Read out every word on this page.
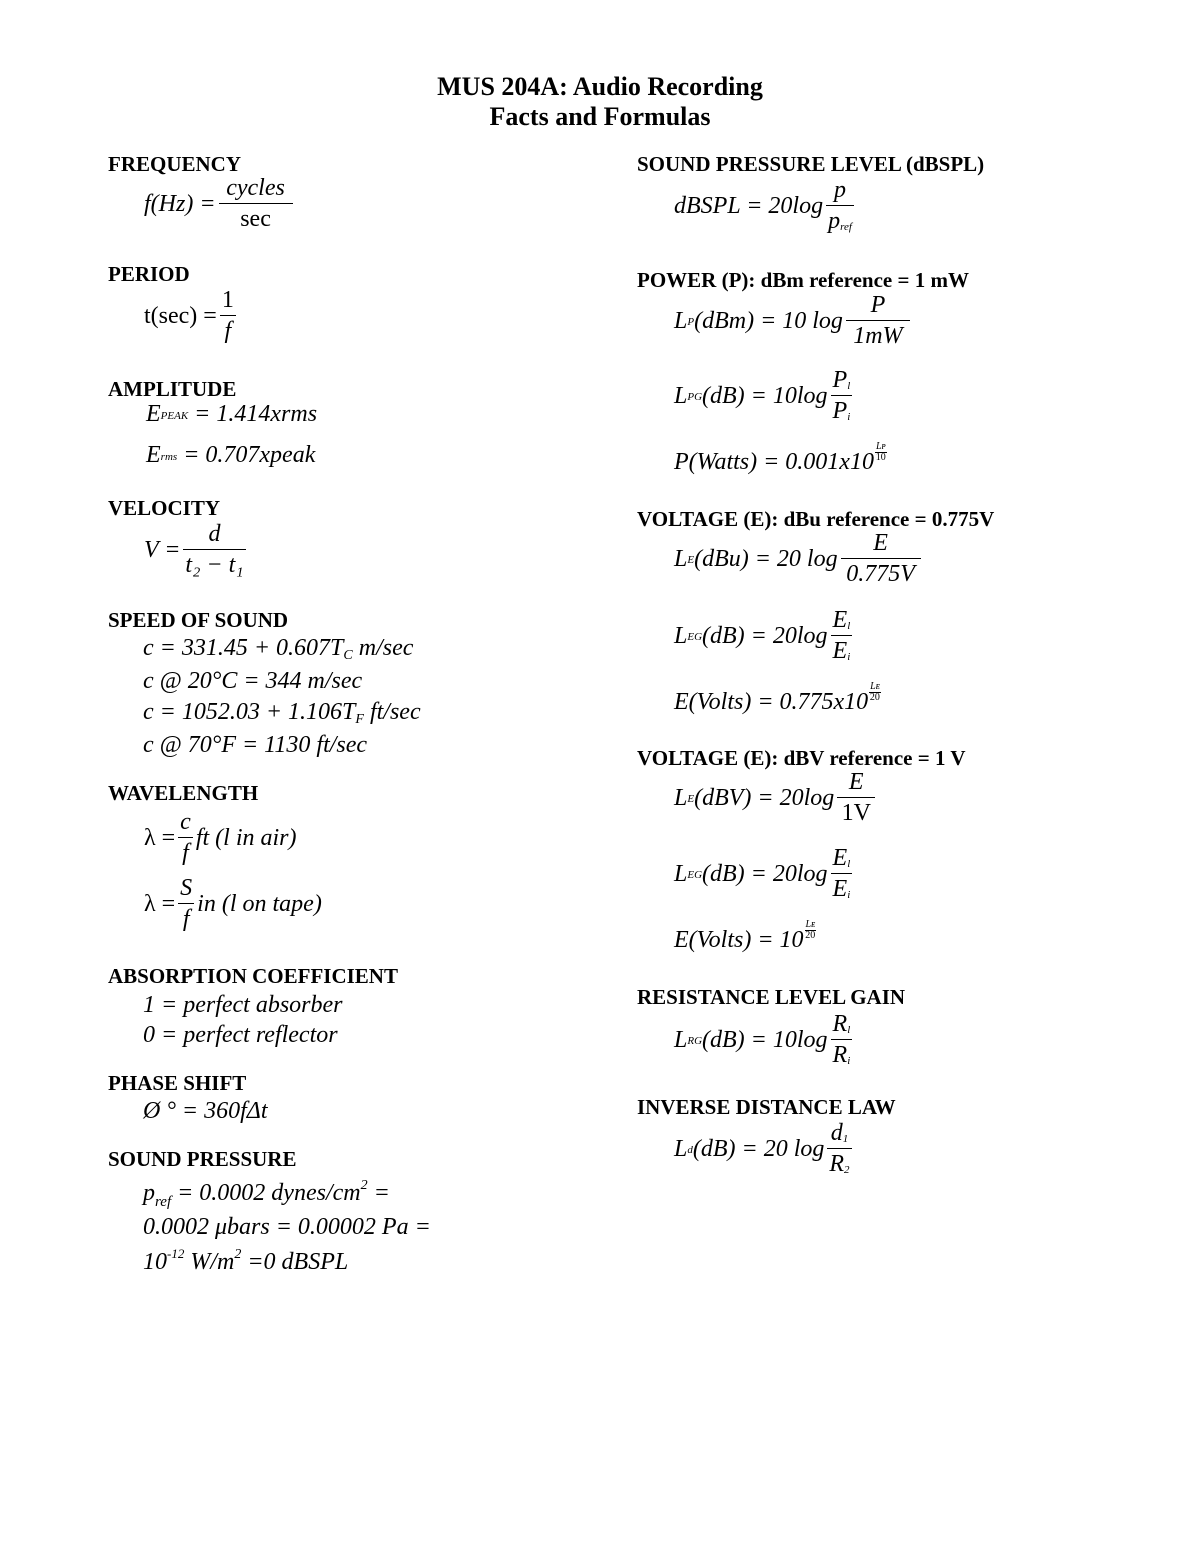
MUS 204A: Audio Recording
Facts and Formulas
FREQUENCY
$f(Hz) = \frac{\text{cycles}}{\sec}$
PERIOD
$t(\sec) = \frac{1}{f}$
AMPLITUDE
E PEAK = 1.414xrms
E rms = 0.707xpeak
VELOCITY
$V = \frac{d}{\text{t₂ − t₁}}$
SPEED OF SOUND
c = 331.45 + 0.607TC m/sec
c @ 20°C = 344 m/sec
c = 1052.03 + 1.106TF ft/sec
c @ 70°F = 1130 ft/sec
WAVELENGTH
$\lambda = \frac{c}{f}$ ft (l in air)
$\lambda = \frac{S}{f}$ in (l on tape)
ABSORPTION COEFFICIENT
1 = perfect absorber
0 = perfect reflector
PHASE SHIFT
Ø ° = 360fΔt
SOUND PRESSURE
$p_{ref} = 0.0002$ dynes/$cm^2$ =
0.0002 μbars = 0.00002 Pa =
$10^{-12}$ $W/m^2 =0$ dBSPL
SOUND PRESSURE LEVEL (dBSPL)
dBSPL = $20\log \frac{p}{\text{pref}}$
POWER (P): dBm reference = 1 mW
L P (dBm) = 10 $\log \frac{P}{1mW}$
L PG $(dB) = 10\log \frac{Pl}{Pi}$
P(Watts) = $0.001x10 \frac{\text{Lᴘ}}{10}$
VOLTAGE (E): dBu reference = 0.775V
L E (dBu) = 20 $\log \frac{E}{0.775V}$
L EG $(dB) = 20\log \frac{El}{Ei}$
E(Volts) = $0.775x10 \frac{\text{Lᴇ}}{20}$
VOLTAGE (E): dBV reference = 1 V
L E $(dBV) = 20\log \frac{E}{1V}$
L EG $(dB) = 20\log \frac{El}{Ei}$
E(Volts) = $10 \frac{\text{Lᴇ}}{20}$
RESISTANCE LEVEL GAIN
L RG $(dB) = 10\log \frac{Rl}{Ri}$
INVERSE DISTANCE LAW
L d (dB) = 20 $\log \frac{d1}{R2}$
